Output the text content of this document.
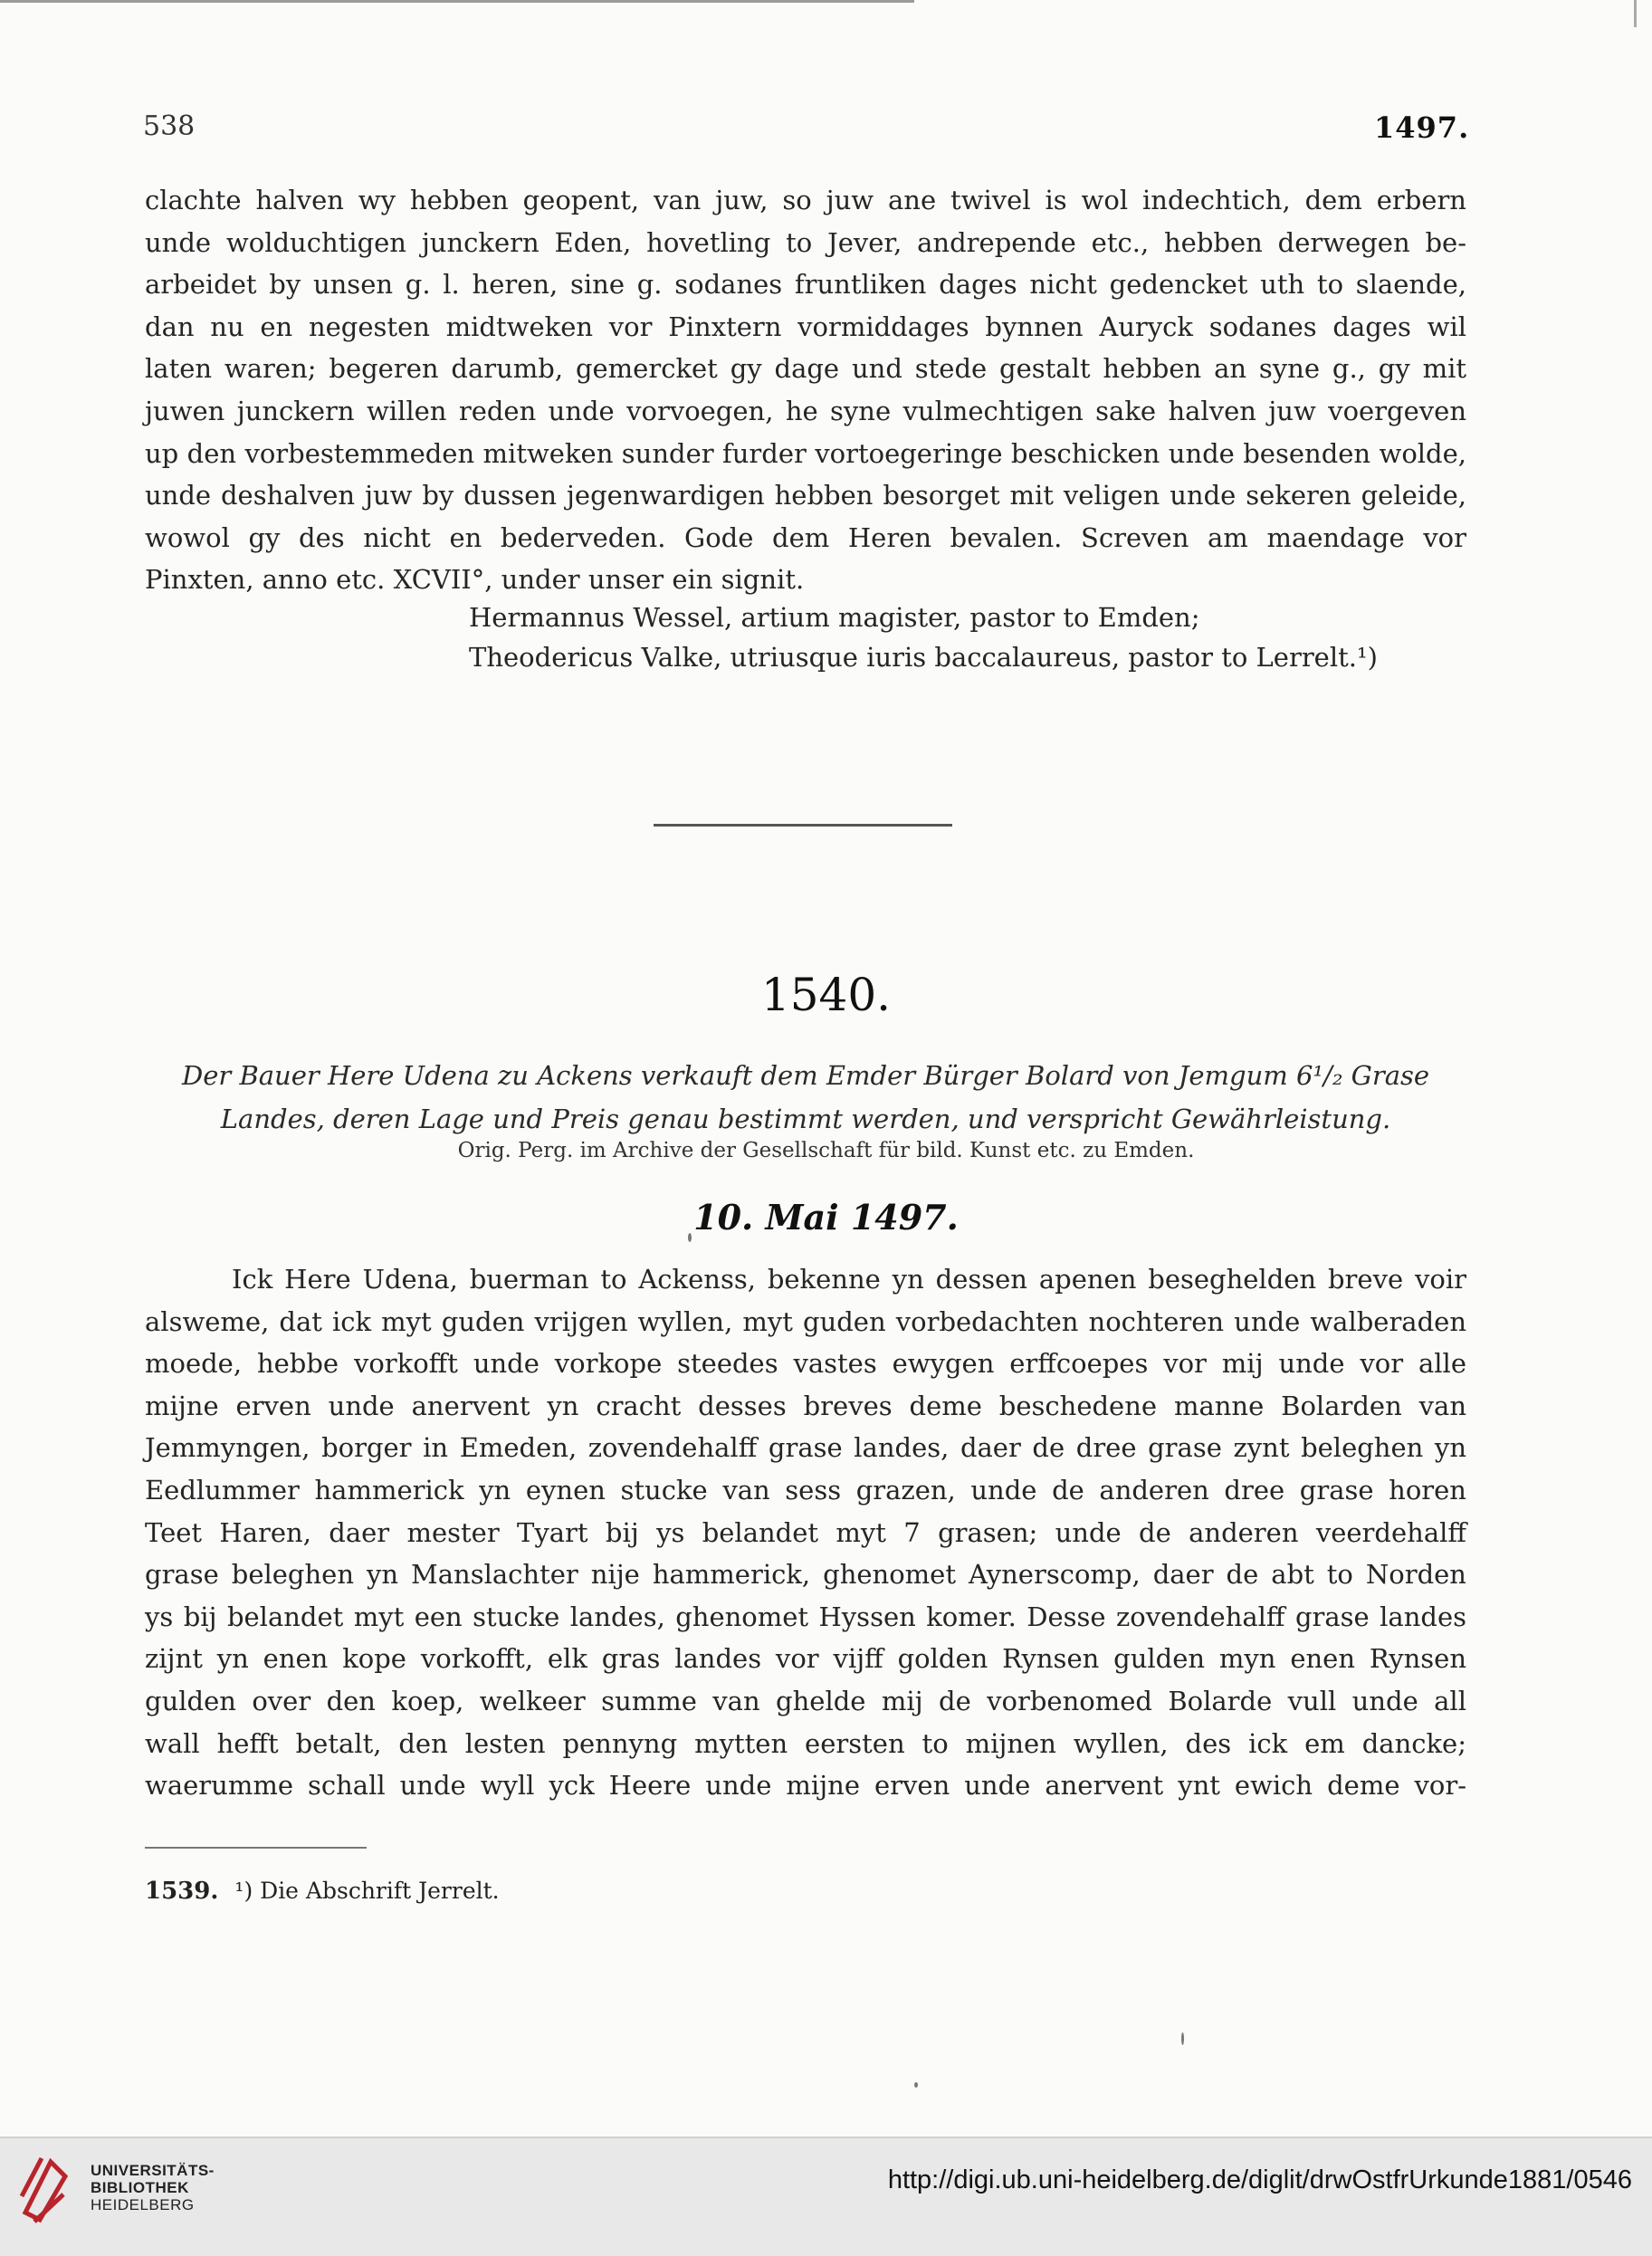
538	1497.

clachte halven wy hebben geopent, van juw, so juw ane twivel is wol indechtich, dem erbern

unde wolduchtigen junckern Eden, hovetling to Jever, andrepende etc., hebben derwegen be-

arbeidet by unsen g. l. heren, sine g. sodanes fruntliken dages nicht gedencket uth to slaende,

dan nu en negesten midtweken vor Pinxtern vormiddages bynnen Auryck sodanes dages wil

laten waren; begeren darumb, gemercket gy dage und stede gestalt hebben an syne g., gy mit

juwen junckern willen reden unde vorvoegen, he syne vulmechtigen sake halven juw voergeven

up den vorbestemmeden mitweken sunder furder vortoegeringe beschicken unde besenden wolde,

unde deshalven juw by dussen jegenwardigen hebben besorget mit veligen unde sekeren geleide,

wowol gy des nicht en bederveden. Gode dem Heren bevalen. Screven am maendage vor

Pinxten, anno etc. XCVII°, under unser ein signit.

Hermannus Wessel, artium magister, pastor to Emden;
Theodericus Valke, utriusque iuris baccalaureus, pastor to Lerrelt.¹)
1540.

Der Bauer Here Udena zu Ackens verkauft dem Emder Bürger Bolard von Jemgum 6¹/₂ Grase

Landes, deren Lage und Preis genau bestimmt werden, und verspricht Gewährleistung.

Orig. Perg. im Archive der Gesellschaft für bild. Kunst etc. zu Emden.
10. Mai 1497.

Ick Here Udena, buerman to Ackenss, bekenne yn dessen apenen beseghelden breve voir

alsweme, dat ick myt guden vrijgen wyllen, myt guden vorbedachten nochteren unde walberaden

moede, hebbe vorkofft unde vorkope steedes vastes ewygen erffcoepes vor mij unde vor alle

mijne erven unde anervent yn cracht desses breves deme beschedene manne Bolarden van

Jemmyngen, borger in Emeden, zovendehalff grase landes, daer de dree grase zynt beleghen yn

Eedlummer hammerick yn eynen stucke van sess grazen, unde de anderen dree grase horen

Teet Haren, daer mester Tyart bij ys belandet myt 7 grasen; unde de anderen veerdehalff

grase beleghen yn Manslachter nije hammerick, ghenomet Aynerscomp, daer de abt to Norden

ys bij belandet myt een stucke landes, ghenomet Hyssen komer. Desse zovendehalff grase landes

zijnt yn enen kope vorkofft, elk gras landes vor vijff golden Rynsen gulden myn enen Rynsen

gulden over den koep, welkeer summe van ghelde mij de vorbenomed Bolarde vull unde all

wall hefft betalt, den lesten pennyng mytten eersten to mijnen wyllen, des ick em dancke;

waerumme schall unde wyll yck Heere unde mijne erven unde anervent ynt ewich deme vor-

1539. ¹) Die Abschrift Jerrelt.
UNIVERSITÄTS-
BIBLIOTHEK
HEIDELBERG
http://digi.ub.uni-heidelberg.de/diglit/drwOstfrUrkunde1881/0546
